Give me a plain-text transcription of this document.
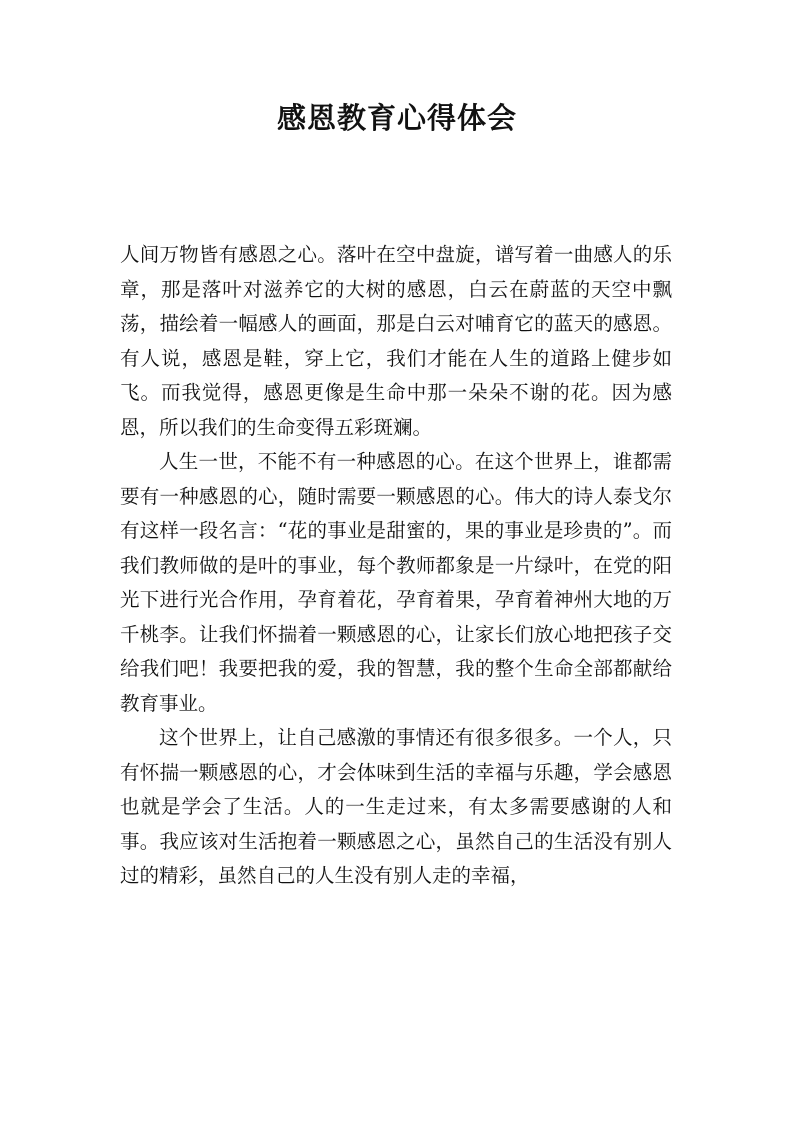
感恩教育心得体会

人间万物皆有感恩之心。落叶在空中盘旋，谱写着一曲感人的乐章，那是落叶对滋养它的大树的感恩，白云在蔚蓝的天空中飘荡，描绘着一幅感人的画面，那是白云对哺育它的蓝天的感恩。有人说，感恩是鞋，穿上它，我们才能在人生的道路上健步如飞。而我觉得，感恩更像是生命中那一朵朵不谢的花。因为感恩，所以我们的生命变得五彩斑斓。

人生一世，不能不有一种感恩的心。在这个世界上，谁都需要有一种感恩的心，随时需要一颗感恩的心。伟大的诗人泰戈尔有这样一段名言：“花的事业是甜蜜的，果的事业是珍贵的”。而我们教师做的是叶的事业，每个教师都象是一片绿叶，在党的阳光下进行光合作用，孕育着花，孕育着果，孕育着神州大地的万千桃李。让我们怀揣着一颗感恩的心，让家长们放心地把孩子交给我们吧！我要把我的爱，我的智慧，我的整个生命全部都献给教育事业。

这个世界上，让自己感激的事情还有很多很多。一个人，只有怀揣一颗感恩的心，才会体味到生活的幸福与乐趣，学会感恩也就是学会了生活。人的一生走过来，有太多需要感谢的人和事。我应该对生活抱着一颗感恩之心，虽然自己的生活没有别人过的精彩，虽然自己的人生没有别人走的幸福，
